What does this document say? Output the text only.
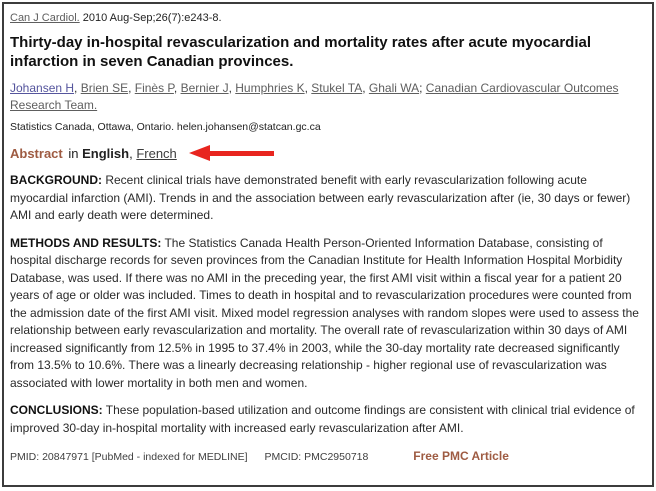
Can J Cardiol. 2010 Aug-Sep;26(7):e243-8.
Thirty-day in-hospital revascularization and mortality rates after acute myocardial infarction in seven Canadian provinces.
Johansen H, Brien SE, Finès P, Bernier J, Humphries K, Stukel TA, Ghali WA; Canadian Cardiovascular Outcomes Research Team.
Statistics Canada, Ottawa, Ontario. helen.johansen@statcan.gc.ca
Abstract in English, French

BACKGROUND: Recent clinical trials have demonstrated benefit with early revascularization following acute myocardial infarction (AMI). Trends in and the association between early revascularization after (ie, 30 days or fewer) AMI and early death were determined.

METHODS AND RESULTS: The Statistics Canada Health Person-Oriented Information Database, consisting of hospital discharge records for seven provinces from the Canadian Institute for Health Information Hospital Morbidity Database, was used. If there was no AMI in the preceding year, the first AMI visit within a fiscal year for a patient 20 years of age or older was included. Times to death in hospital and to revascularization procedures were counted from the admission date of the first AMI visit. Mixed model regression analyses with random slopes were used to assess the relationship between early revascularization and mortality. The overall rate of revascularization within 30 days of AMI increased significantly from 12.5% in 1995 to 37.4% in 2003, while the 30-day mortality rate decreased significantly from 13.5% to 10.6%. There was a linearly decreasing relationship - higher regional use of revascularization was associated with lower mortality in both men and women.

CONCLUSIONS: These population-based utilization and outcome findings are consistent with clinical trial evidence of improved 30-day in-hospital mortality with increased early revascularization after AMI.

PMID: 20847971 [PubMed - indexed for MEDLINE] PMCID: PMC2950718	Free PMC Article
